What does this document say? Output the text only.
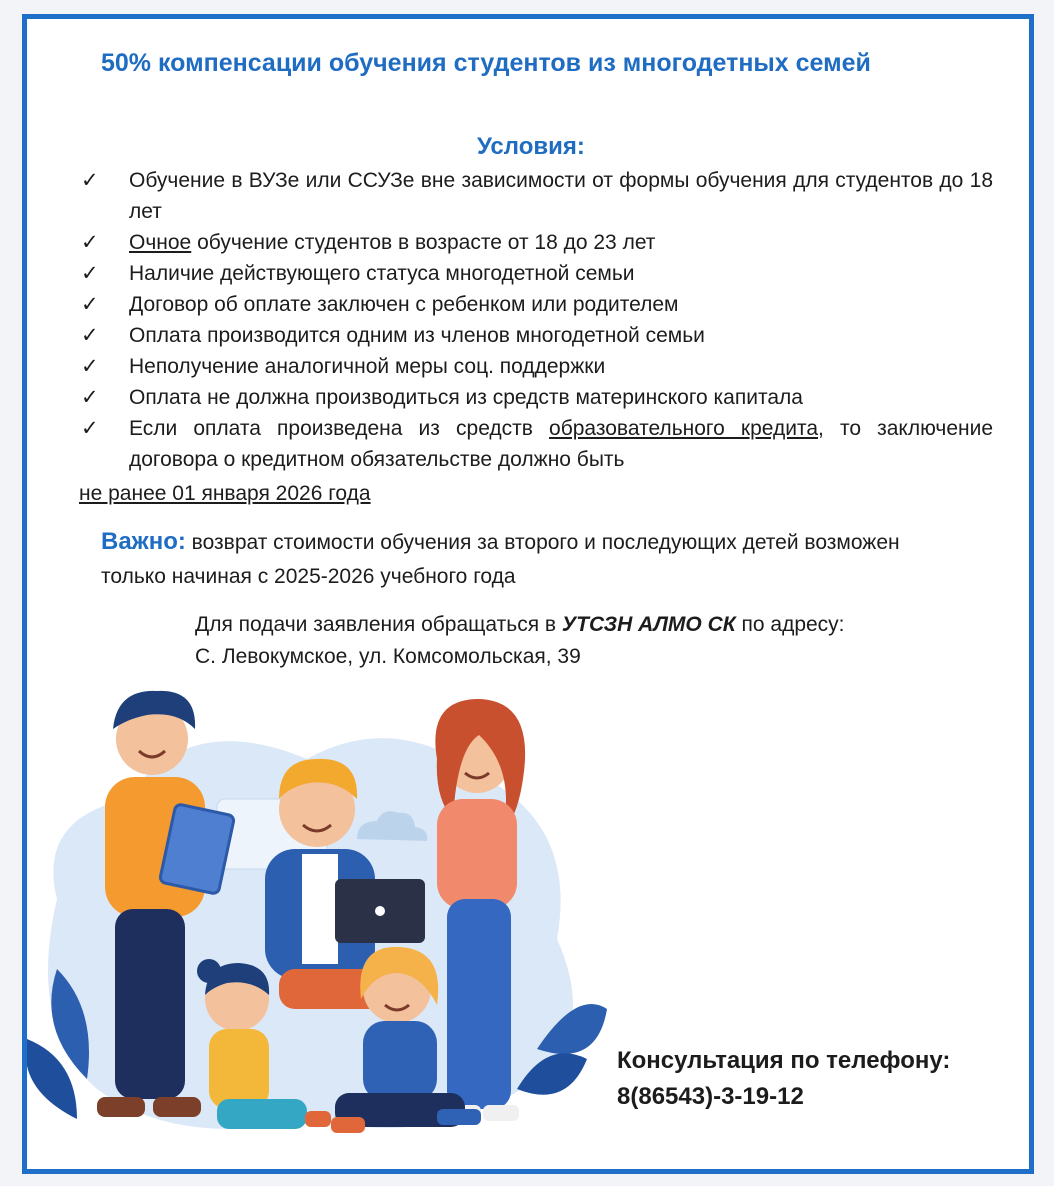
50% компенсации обучения студентов из многодетных семей
Условия:
✓	Обучение в ВУЗе или ССУЗе вне зависимости от формы обучения для студентов до 18 лет
✓	Очное обучение студентов в возрасте от 18 до 23 лет
✓	Наличие действующего статуса многодетной семьи
✓	Договор об оплате заключен с ребенком или родителем
✓	Оплата производится одним из членов многодетной семьи
✓	Неполучение аналогичной меры соц. поддержки
✓	Оплата не должна производиться из средств материнского капитала
✓	Если оплата произведена из средств образовательного кредита, то заключение договора о кредитном обязательстве должно быть
не ранее 01 января 2026 года
Важно: возврат стоимости обучения за второго и последующих детей возможен только начиная с 2025-2026 учебного года
Для подачи заявления обращаться в УТСЗН АЛМО СК по адресу:
С. Левокумское, ул. Комсомольская, 39
Консультация по телефону:
8(86543)-3-19-12
